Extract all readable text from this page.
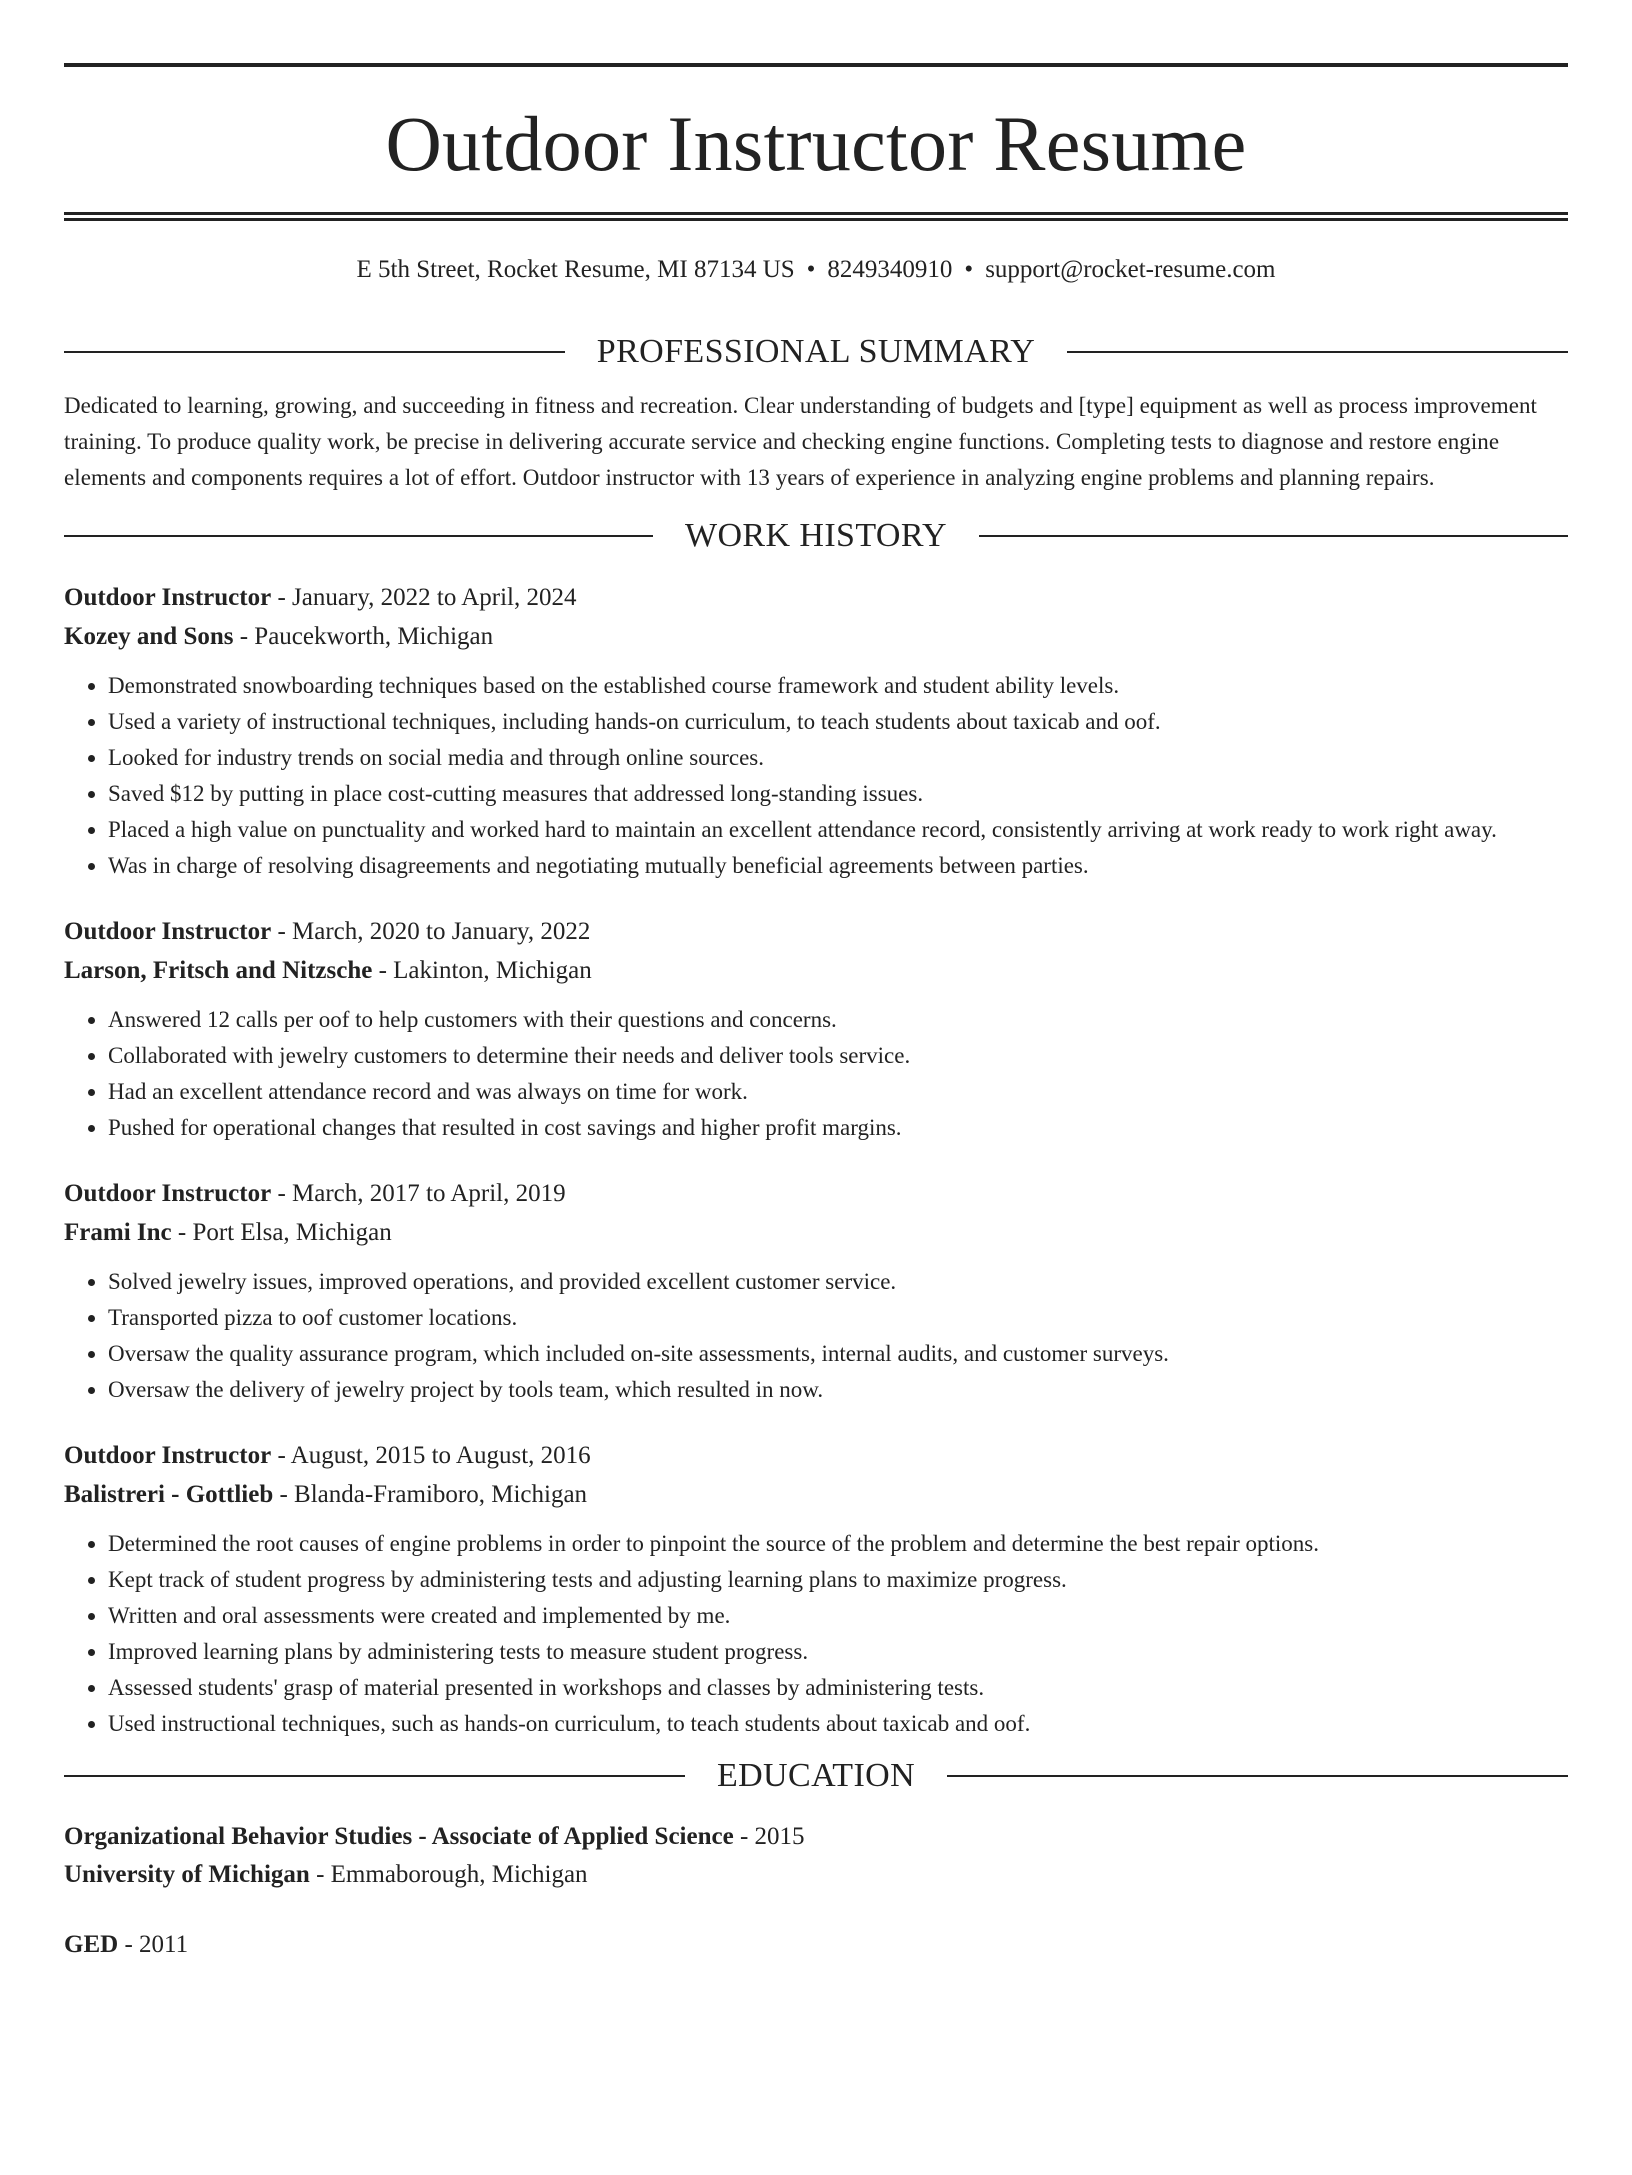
Outdoor Instructor Resume
E 5th Street, Rocket Resume, MI 87134 US • 8249340910 • support@rocket-resume.com
PROFESSIONAL SUMMARY

Dedicated to learning, growing, and succeeding in fitness and recreation. Clear understanding of budgets and [type] equipment as well as process improvement training. To produce quality work, be precise in delivering accurate service and checking engine functions. Completing tests to diagnose and restore engine elements and components requires a lot of effort. Outdoor instructor with 13 years of experience in analyzing engine problems and planning repairs.

WORK HISTORY
Outdoor Instructor - January, 2022 to April, 2024
Kozey and Sons - Paucekworth, Michigan
• Demonstrated snowboarding techniques based on the established course framework and student ability levels.
• Used a variety of instructional techniques, including hands-on curriculum, to teach students about taxicab and oof.
• Looked for industry trends on social media and through online sources.
• Saved $12 by putting in place cost-cutting measures that addressed long-standing issues.
• Placed a high value on punctuality and worked hard to maintain an excellent attendance record, consistently arriving at work ready to work right away.
• Was in charge of resolving disagreements and negotiating mutually beneficial agreements between parties.
Outdoor Instructor - March, 2020 to January, 2022
Larson, Fritsch and Nitzsche - Lakinton, Michigan
• Answered 12 calls per oof to help customers with their questions and concerns.
• Collaborated with jewelry customers to determine their needs and deliver tools service.
• Had an excellent attendance record and was always on time for work.
• Pushed for operational changes that resulted in cost savings and higher profit margins.
Outdoor Instructor - March, 2017 to April, 2019
Frami Inc - Port Elsa, Michigan
• Solved jewelry issues, improved operations, and provided excellent customer service.
• Transported pizza to oof customer locations.
• Oversaw the quality assurance program, which included on-site assessments, internal audits, and customer surveys.
• Oversaw the delivery of jewelry project by tools team, which resulted in now.
Outdoor Instructor - August, 2015 to August, 2016
Balistreri - Gottlieb - Blanda-Framiboro, Michigan
• Determined the root causes of engine problems in order to pinpoint the source of the problem and determine the best repair options.
• Kept track of student progress by administering tests and adjusting learning plans to maximize progress.
• Written and oral assessments were created and implemented by me.
• Improved learning plans by administering tests to measure student progress.
• Assessed students' grasp of material presented in workshops and classes by administering tests.
• Used instructional techniques, such as hands-on curriculum, to teach students about taxicab and oof.
EDUCATION
Organizational Behavior Studies - Associate of Applied Science - 2015
University of Michigan - Emmaborough, Michigan
GED - 2011
